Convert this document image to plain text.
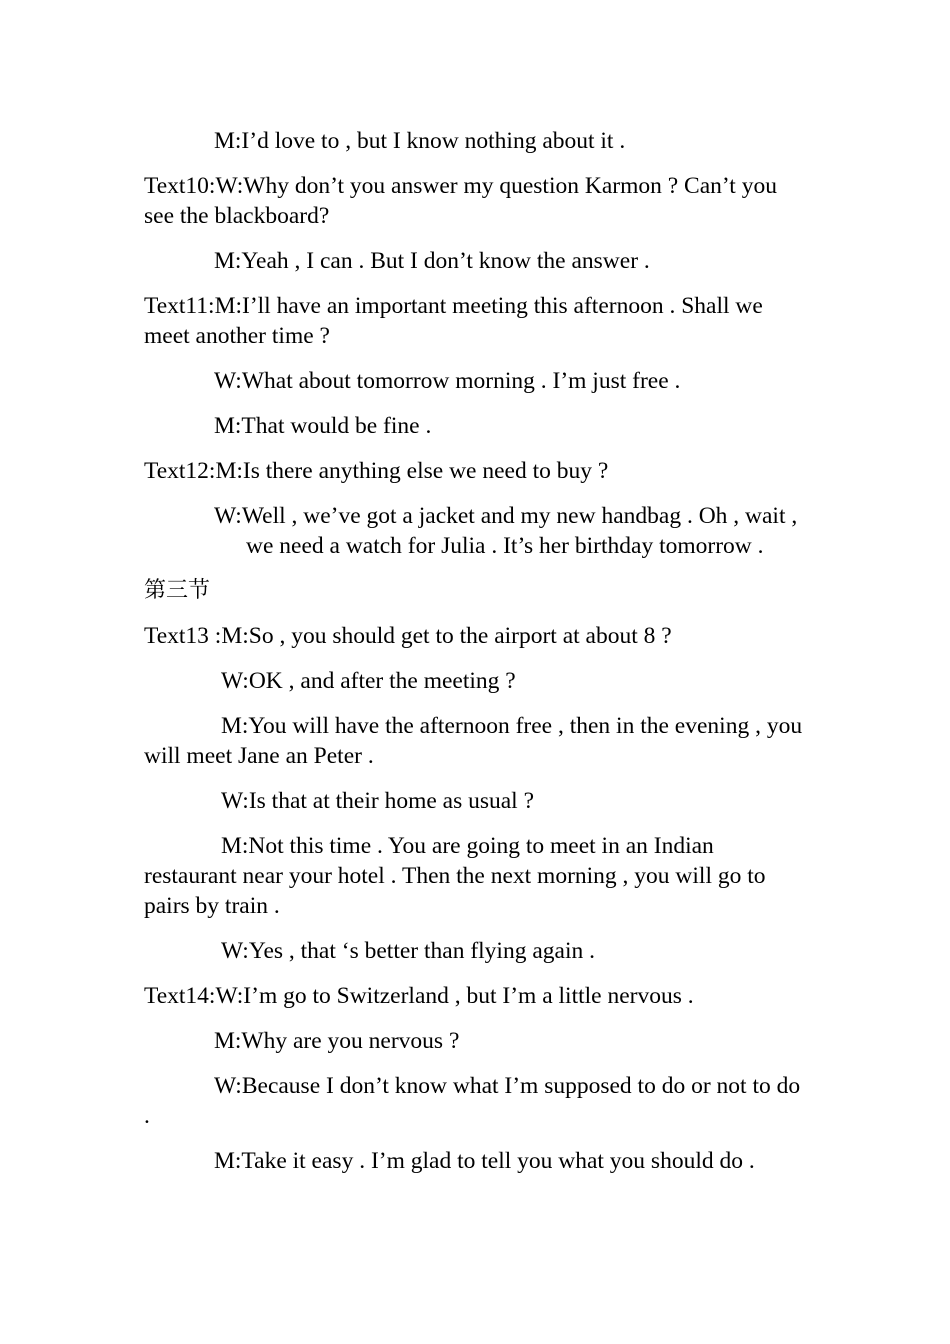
M:I’d love to , but I know nothing about it .

Text10:W:Why don’t you answer my question Karmon ? Can’t you see the blackboard?

M:Yeah , I can . But I don’t know the answer .

Text11:M:I’ll have an important meeting this afternoon . Shall we meet another time ?

W:What about tomorrow morning . I’m just free .

M:That would be fine .

Text12:M:Is there anything else we need to buy ?

W:Well , we’ve got a jacket and my new handbag . Oh , wait , we need a watch for Julia . It’s her birthday tomorrow .

第三节

Text13 :M:So , you should get to the airport at about 8 ?

W:OK , and after the meeting ?

M:You will have the afternoon free , then in the evening , you will meet Jane an Peter .

W:Is that at their home as usual ?

M:Not this time . You are going to meet in an Indian restaurant near your hotel . Then the next morning , you will go to pairs by train .

W:Yes , that ‘s better than flying again .

Text14:W:I’m go to Switzerland , but I’m a little nervous .

M:Why are you nervous ?

W:Because I don’t know what I’m supposed to do or not to do .

M:Take it easy . I’m glad to tell you what you should do .
